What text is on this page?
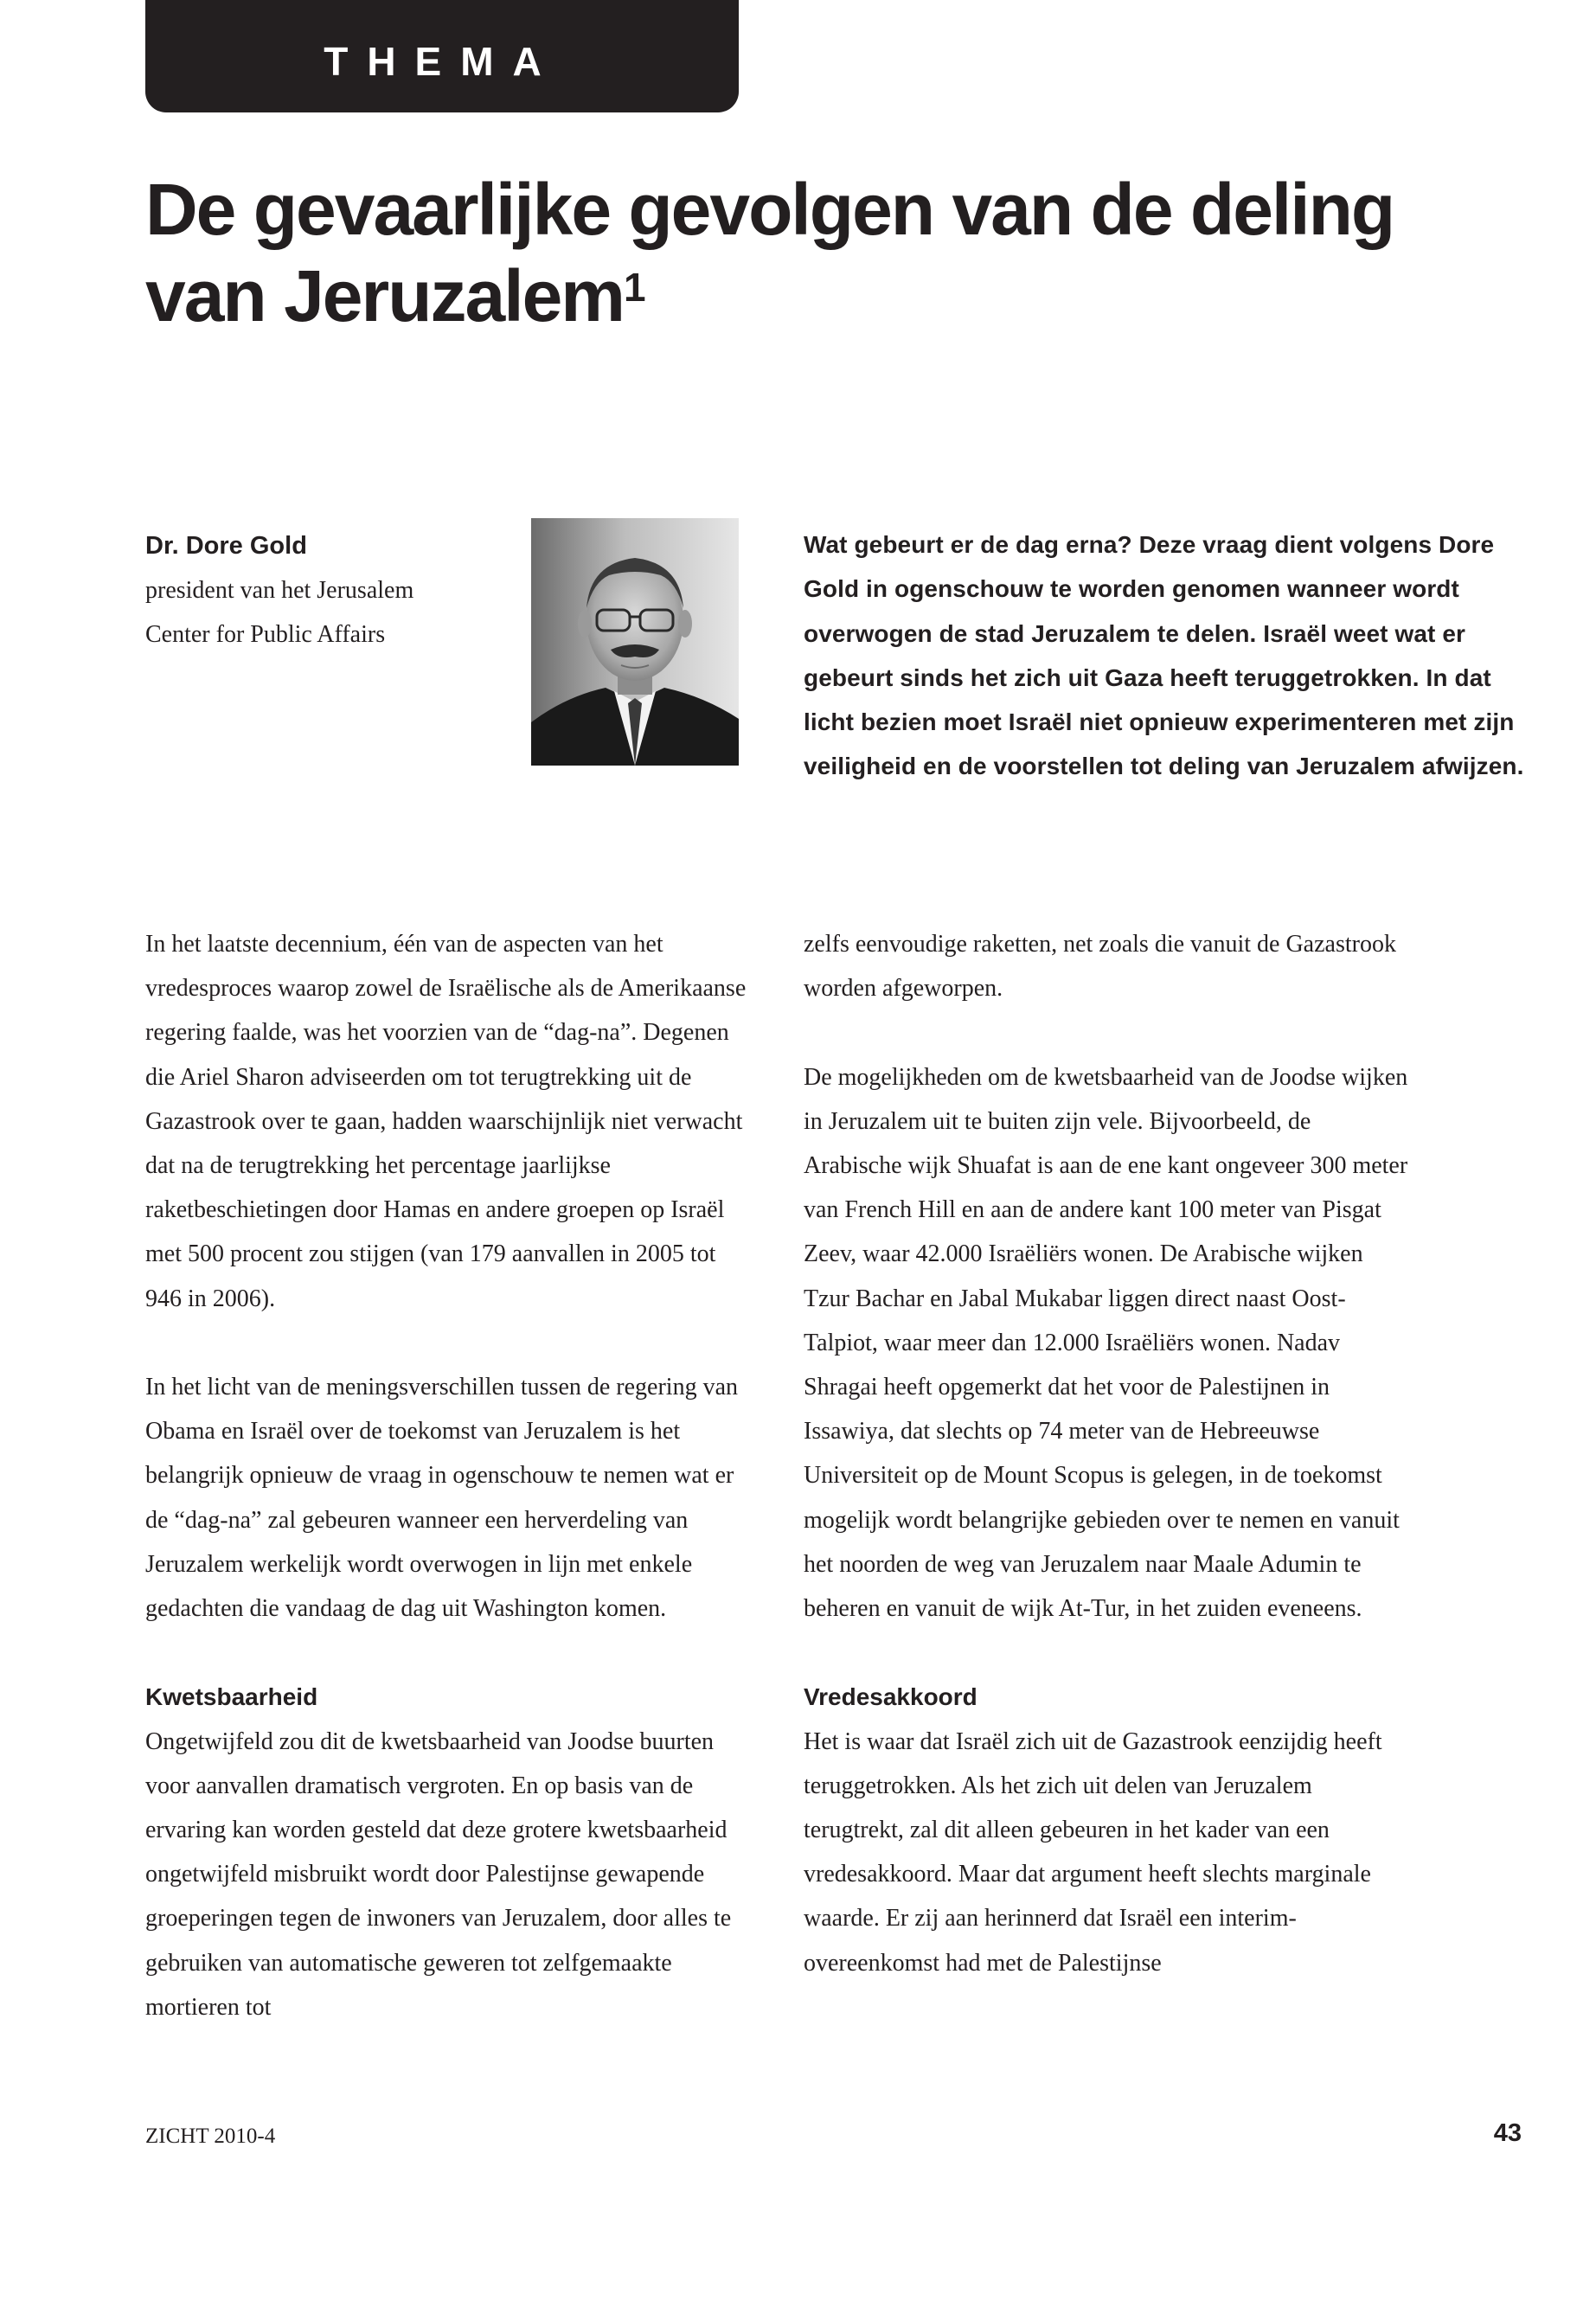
THEMA
De gevaarlijke gevolgen van de deling van Jeruzalem$^1$
Dr. Dore Gold
president van het Jerusalem
Center for Public Affairs

Wat gebeurt er de dag erna? Deze vraag dient volgens Dore Gold in ogenschouw te worden genomen wanneer wordt overwogen de stad Jeruzalem te delen. Israël weet wat er gebeurt sinds het zich uit Gaza heeft teruggetrokken. In dat licht bezien moet Israël niet opnieuw experimenteren met zijn veiligheid en de voorstellen tot deling van Jeruzalem afwijzen.

In het laatste decennium, één van de aspecten van het vredesproces waarop zowel de Israëlische als de Amerikaanse regering faalde, was het voorzien van de “dag-na”. Degenen die Ariel Sharon adviseerden om tot terugtrekking uit de Gazastrook over te gaan, hadden waarschijnlijk niet verwacht dat na de terugtrekking het percentage jaarlijkse raketbeschietingen door Hamas en andere groepen op Israël met 500 procent zou stijgen (van 179 aanvallen in 2005 tot 946 in 2006).

In het licht van de meningsverschillen tussen de regering van Obama en Israël over de toekomst van Jeruzalem is het belangrijk opnieuw de vraag in ogenschouw te nemen wat er de “dag-na” zal gebeuren wanneer een herverdeling van Jeruzalem werkelijk wordt overwogen in lijn met enkele gedachten die vandaag de dag uit Washington komen.

Kwetsbaarheid

Ongetwijfeld zou dit de kwetsbaarheid van Joodse buurten voor aanvallen dramatisch vergroten. En op basis van de ervaring kan worden gesteld dat deze grotere kwetsbaarheid ongetwijfeld misbruikt wordt door Palestijnse gewapende groeperingen tegen de inwoners van Jeruzalem, door alles te gebruiken van automatische geweren tot zelfgemaakte mortieren tot

zelfs eenvoudige raketten, net zoals die vanuit de Gazastrook worden afgeworpen.

De mogelijkheden om de kwetsbaarheid van de Joodse wijken in Jeruzalem uit te buiten zijn vele. Bijvoorbeeld, de Arabische wijk Shuafat is aan de ene kant ongeveer 300 meter van French Hill en aan de andere kant 100 meter van Pisgat Zeev, waar 42.000 Israëliërs wonen. De Arabische wijken Tzur Bachar en Jabal Mukabar liggen direct naast Oost-Talpiot, waar meer dan 12.000 Israëliërs wonen. Nadav Shragai heeft opgemerkt dat het voor de Palestijnen in Issawiya, dat slechts op 74 meter van de Hebreeuwse Universiteit op de Mount Scopus is gelegen, in de toekomst mogelijk wordt belangrijke gebieden over te nemen en vanuit het noorden de weg van Jeruzalem naar Maale Adumin te beheren en vanuit de wijk At-Tur, in het zuiden eveneens.

Vredesakkoord

Het is waar dat Israël zich uit de Gazastrook eenzijdig heeft teruggetrokken. Als het zich uit delen van Jeruzalem terugtrekt, zal dit alleen gebeuren in het kader van een vredesakkoord. Maar dat argument heeft slechts marginale waarde. Er zij aan herinnerd dat Israël een interim-overeenkomst had met de Palestijnse

ZICHT 2010-4	43
